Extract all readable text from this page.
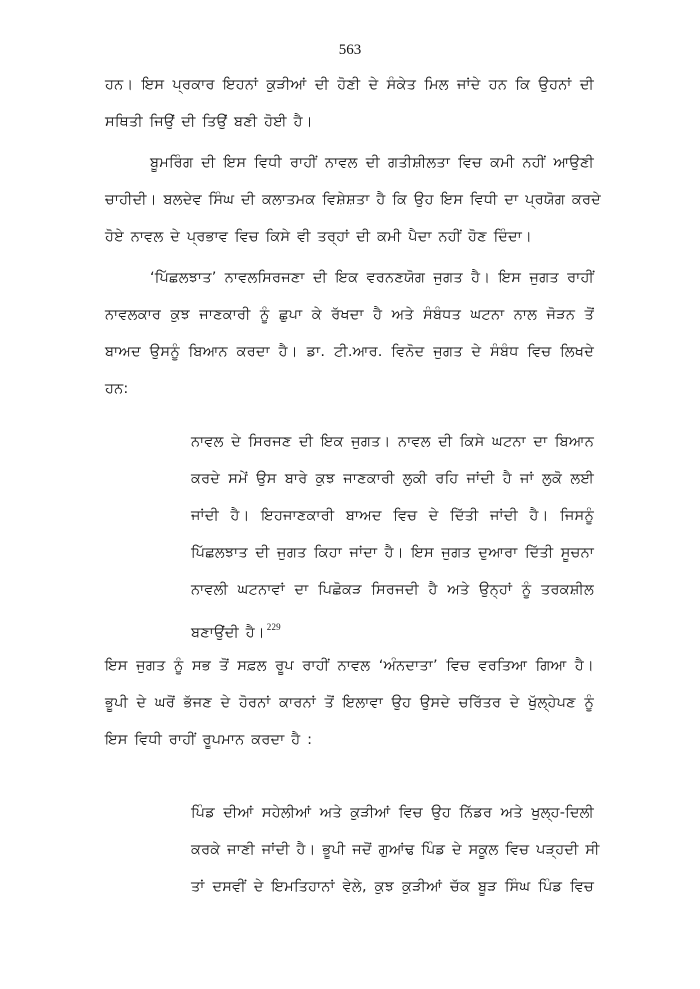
563
ਹਨ। ਇਸ ਪ੍ਰਕਾਰ ਇਹਨਾਂ ਕੁੜੀਆਂ ਦੀ ਹੋਣੀ ਦੇ ਸੰਕੇਤ ਮਿਲ ਜਾਂਦੇ ਹਨ ਕਿ ਉਹਨਾਂ ਦੀ
ਸਥਿਤੀ ਜਿਉਂ ਦੀ ਤਿਉਂ ਬਣੀ ਹੋਈ ਹੈ।
ਬੂਮਰਿੰਗ ਦੀ ਇਸ ਵਿਧੀ ਰਾਹੀਂ ਨਾਵਲ ਦੀ ਗਤੀਸ਼ੀਲਤਾ ਵਿਚ ਕਮੀ ਨਹੀਂ ਆਉਣੀ
ਚਾਹੀਦੀ। ਬਲਦੇਵ ਸਿੰਘ ਦੀ ਕਲਾਤਮਕ ਵਿਸ਼ੇਸ਼ਤਾ ਹੈ ਕਿ ਉਹ ਇਸ ਵਿਧੀ ਦਾ ਪ੍ਰਯੋਗ ਕਰਦੇ
ਹੋਏ ਨਾਵਲ ਦੇ ਪ੍ਰਭਾਵ ਵਿਚ ਕਿਸੇ ਵੀ ਤਰ੍ਹਾਂ ਦੀ ਕਮੀ ਪੈਦਾ ਨਹੀਂ ਹੋਣ ਦਿੰਦਾ।
‘ਪਿੱਛਲਝਾਤ’ ਨਾਵਲਸਿਰਜਣਾ ਦੀ ਇਕ ਵਰਨਣਯੋਗ ਜੁਗਤ ਹੈ। ਇਸ ਜੁਗਤ ਰਾਹੀਂ
ਨਾਵਲਕਾਰ ਕੁਝ ਜਾਣਕਾਰੀ ਨੂੰ ਛੁਪਾ ਕੇ ਰੱਖਦਾ ਹੈ ਅਤੇ ਸੰਬੰਧਤ ਘਟਨਾ ਨਾਲ ਜੋੜਨ ਤੋਂ
ਬਾਅਦ ਉਸਨੂੰ ਬਿਆਨ ਕਰਦਾ ਹੈ। ਡਾ. ਟੀ.ਆਰ. ਵਿਨੋਦ ਜੁਗਤ ਦੇ ਸੰਬੰਧ ਵਿਚ ਲਿਖਦੇ
ਹਨ:
ਨਾਵਲ ਦੇ ਸਿਰਜਣ ਦੀ ਇਕ ਜੁਗਤ। ਨਾਵਲ ਦੀ ਕਿਸੇ ਘਟਨਾ ਦਾ ਬਿਆਨ
ਕਰਦੇ ਸਮੇਂ ਉਸ ਬਾਰੇ ਕੁਝ ਜਾਣਕਾਰੀ ਲੁਕੀ ਰਹਿ ਜਾਂਦੀ ਹੈ ਜਾਂ ਲੁਕੋ ਲਈ
ਜਾਂਦੀ ਹੈ। ਇਹਜਾਣਕਾਰੀ ਬਾਅਦ ਵਿਚ ਦੇ ਦਿੱਤੀ ਜਾਂਦੀ ਹੈ। ਜਿਸਨੂੰ
ਪਿੱਛਲਝਾਤ ਦੀ ਜੁਗਤ ਕਿਹਾ ਜਾਂਦਾ ਹੈ। ਇਸ ਜੁਗਤ ਦੁਆਰਾ ਦਿੱਤੀ ਸੂਚਨਾ
ਨਾਵਲੀ ਘਟਨਾਵਾਂ ਦਾ ਪਿਛੋਕੜ ਸਿਰਜਦੀ ਹੈ ਅਤੇ ਉਨ੍ਹਾਂ ਨੂੰ ਤਰਕਸ਼ੀਲ
ਬਣਾਉਂਦੀ ਹੈ। $^{229}$
ਇਸ ਜੁਗਤ ਨੂੰ ਸਭ ਤੋਂ ਸਫ਼ਲ ਰੂਪ ਰਾਹੀਂ ਨਾਵਲ ‘ਅੰਨਦਾਤਾ’ ਵਿਚ ਵਰਤਿਆ ਗਿਆ ਹੈ।
ਭੂਪੀ ਦੇ ਘਰੋਂ ਭੱਜਣ ਦੇ ਹੋਰਨਾਂ ਕਾਰਨਾਂ ਤੋਂ ਇਲਾਵਾ ਉਹ ਉਸਦੇ ਚਰਿੱਤਰ ਦੇ ਖੁੱਲ੍ਹੇਪਣ ਨੂੰ
ਇਸ ਵਿਧੀ ਰਾਹੀਂ ਰੂਪਮਾਨ ਕਰਦਾ ਹੈ :
ਪਿੰਡ ਦੀਆਂ ਸਹੇਲੀਆਂ ਅਤੇ ਕੁੜੀਆਂ ਵਿਚ ਉਹ ਨਿੱਡਰ ਅਤੇ ਖੁਲ੍ਹ-ਦਿਲੀ
ਕਰਕੇ ਜਾਣੀ ਜਾਂਦੀ ਹੈ। ਭੂਪੀ ਜਦੋਂ ਗੁਆਂਢ ਪਿੰਡ ਦੇ ਸਕੂਲ ਵਿਚ ਪੜ੍ਹਦੀ ਸੀ
ਤਾਂ ਦਸਵੀਂ ਦੇ ਇਮਤਿਹਾਨਾਂ ਵੇਲੇ, ਕੁਝ ਕੁੜੀਆਂ ਚੱਕ ਬੂੜ ਸਿੰਘ ਪਿੰਡ ਵਿਚ
